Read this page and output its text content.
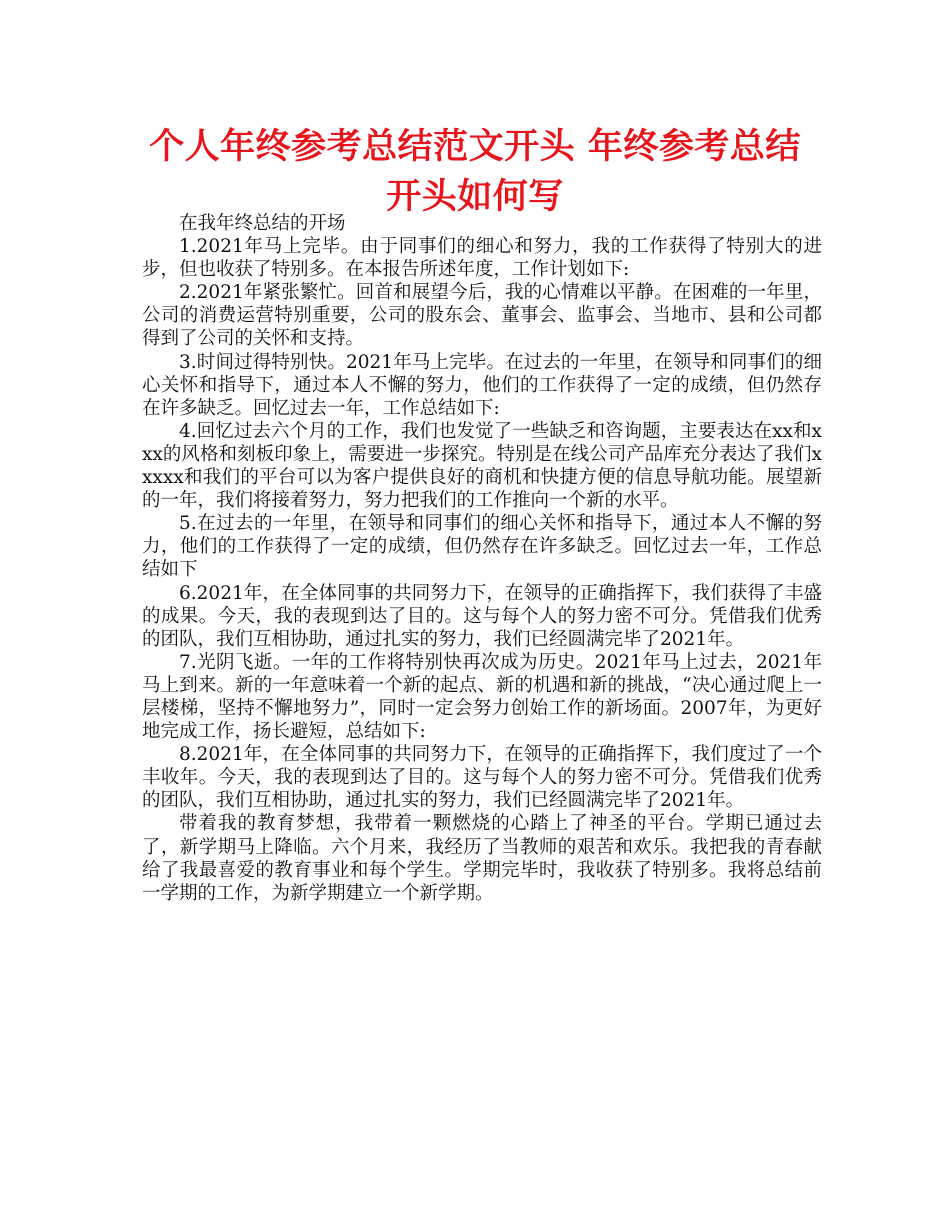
个人年终参考总结范文开头 年终参考总结开头如何写

在我年终总结的开场

1.2021年马上完毕。由于同事们的细心和努力，我的工作获得了特别大的进步，但也收获了特别多。在本报告所述年度，工作计划如下:

2.2021年紧张繁忙。回首和展望今后，我的心情难以平静。在困难的一年里，公司的消费运营特别重要，公司的股东会、董事会、监事会、当地市、县和公司都得到了公司的关怀和支持。

3.时间过得特别快。2021年马上完毕。在过去的一年里，在领导和同事们的细心关怀和指导下，通过本人不懈的努力，他们的工作获得了一定的成绩，但仍然存在许多缺乏。回忆过去一年，工作总结如下:

4.回忆过去六个月的工作，我们也发觉了一些缺乏和咨询题，主要表达在xx和xxx的风格和刻板印象上，需要进一步探究。特别是在线公司产品库充分表达了我们xxxxx和我们的平台可以为客户提供良好的商机和快捷方便的信息导航功能。展望新的一年，我们将接着努力，努力把我们的工作推向一个新的水平。

5.在过去的一年里，在领导和同事们的细心关怀和指导下，通过本人不懈的努力，他们的工作获得了一定的成绩，但仍然存在许多缺乏。回忆过去一年，工作总结如下

6.2021年，在全体同事的共同努力下，在领导的正确指挥下，我们获得了丰盛的成果。今天，我的表现到达了目的。这与每个人的努力密不可分。凭借我们优秀的团队，我们互相协助，通过扎实的努力，我们已经圆满完毕了2021年。

7.光阴飞逝。一年的工作将特别快再次成为历史。2021年马上过去，2021年马上到来。新的一年意味着一个新的起点、新的机遇和新的挑战，“决心通过爬上一层楼梯，坚持不懈地努力”，同时一定会努力创始工作的新场面。2007年，为更好地完成工作，扬长避短，总结如下:

8.2021年，在全体同事的共同努力下，在领导的正确指挥下，我们度过了一个丰收年。今天，我的表现到达了目的。这与每个人的努力密不可分。凭借我们优秀的团队，我们互相协助，通过扎实的努力，我们已经圆满完毕了2021年。

带着我的教育梦想，我带着一颗燃烧的心踏上了神圣的平台。学期已通过去了，新学期马上降临。六个月来，我经历了当教师的艰苦和欢乐。我把我的青春献给了我最喜爱的教育事业和每个学生。学期完毕时，我收获了特别多。我将总结前一学期的工作，为新学期建立一个新学期。
